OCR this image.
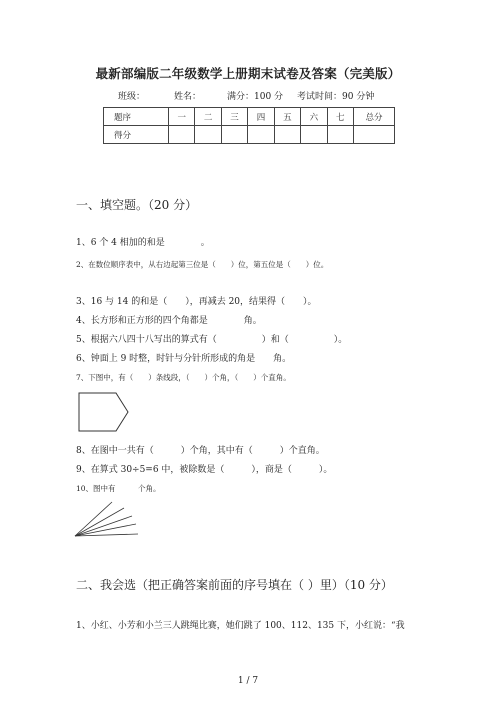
最新部编版二年级数学上册期末试卷及答案（完美版）
班级：	姓名：	满分：100 分 考试时间：90 分钟
题序	一	二	三	四	五	六	七	总分
得分								
一、填空题。（20 分）
1、6 个 4 相加的和是　　　　。
2、在数位顺序表中，从右边起第三位是（　　）位，第五位是（　　）位。
3、16 与 14 的和是（　　），再减去 20，结果得（　　）。
4、长方形和正方形的四个角都是　　　　角。
5、根据六八四十八写出的算式有（　　　　　）和（　　　　　）。
6、钟面上 9 时整，时针与分针所形成的角是　　角。
7、下图中，有（　　）条线段，（　　）个角，（　　）个直角。
8、在图中一共有（　　　）个角，其中有（　　　）个直角。
9、在算式 30÷5=6 中，被除数是（　　　），商是（　　　）。
10、图中有　　　个角。
二、我会选（把正确答案前面的序号填在（ ）里）（10 分）
1、小红、小芳和小兰三人跳绳比赛，她们跳了 100、112、135 下，小红说：“我
1 / 7
